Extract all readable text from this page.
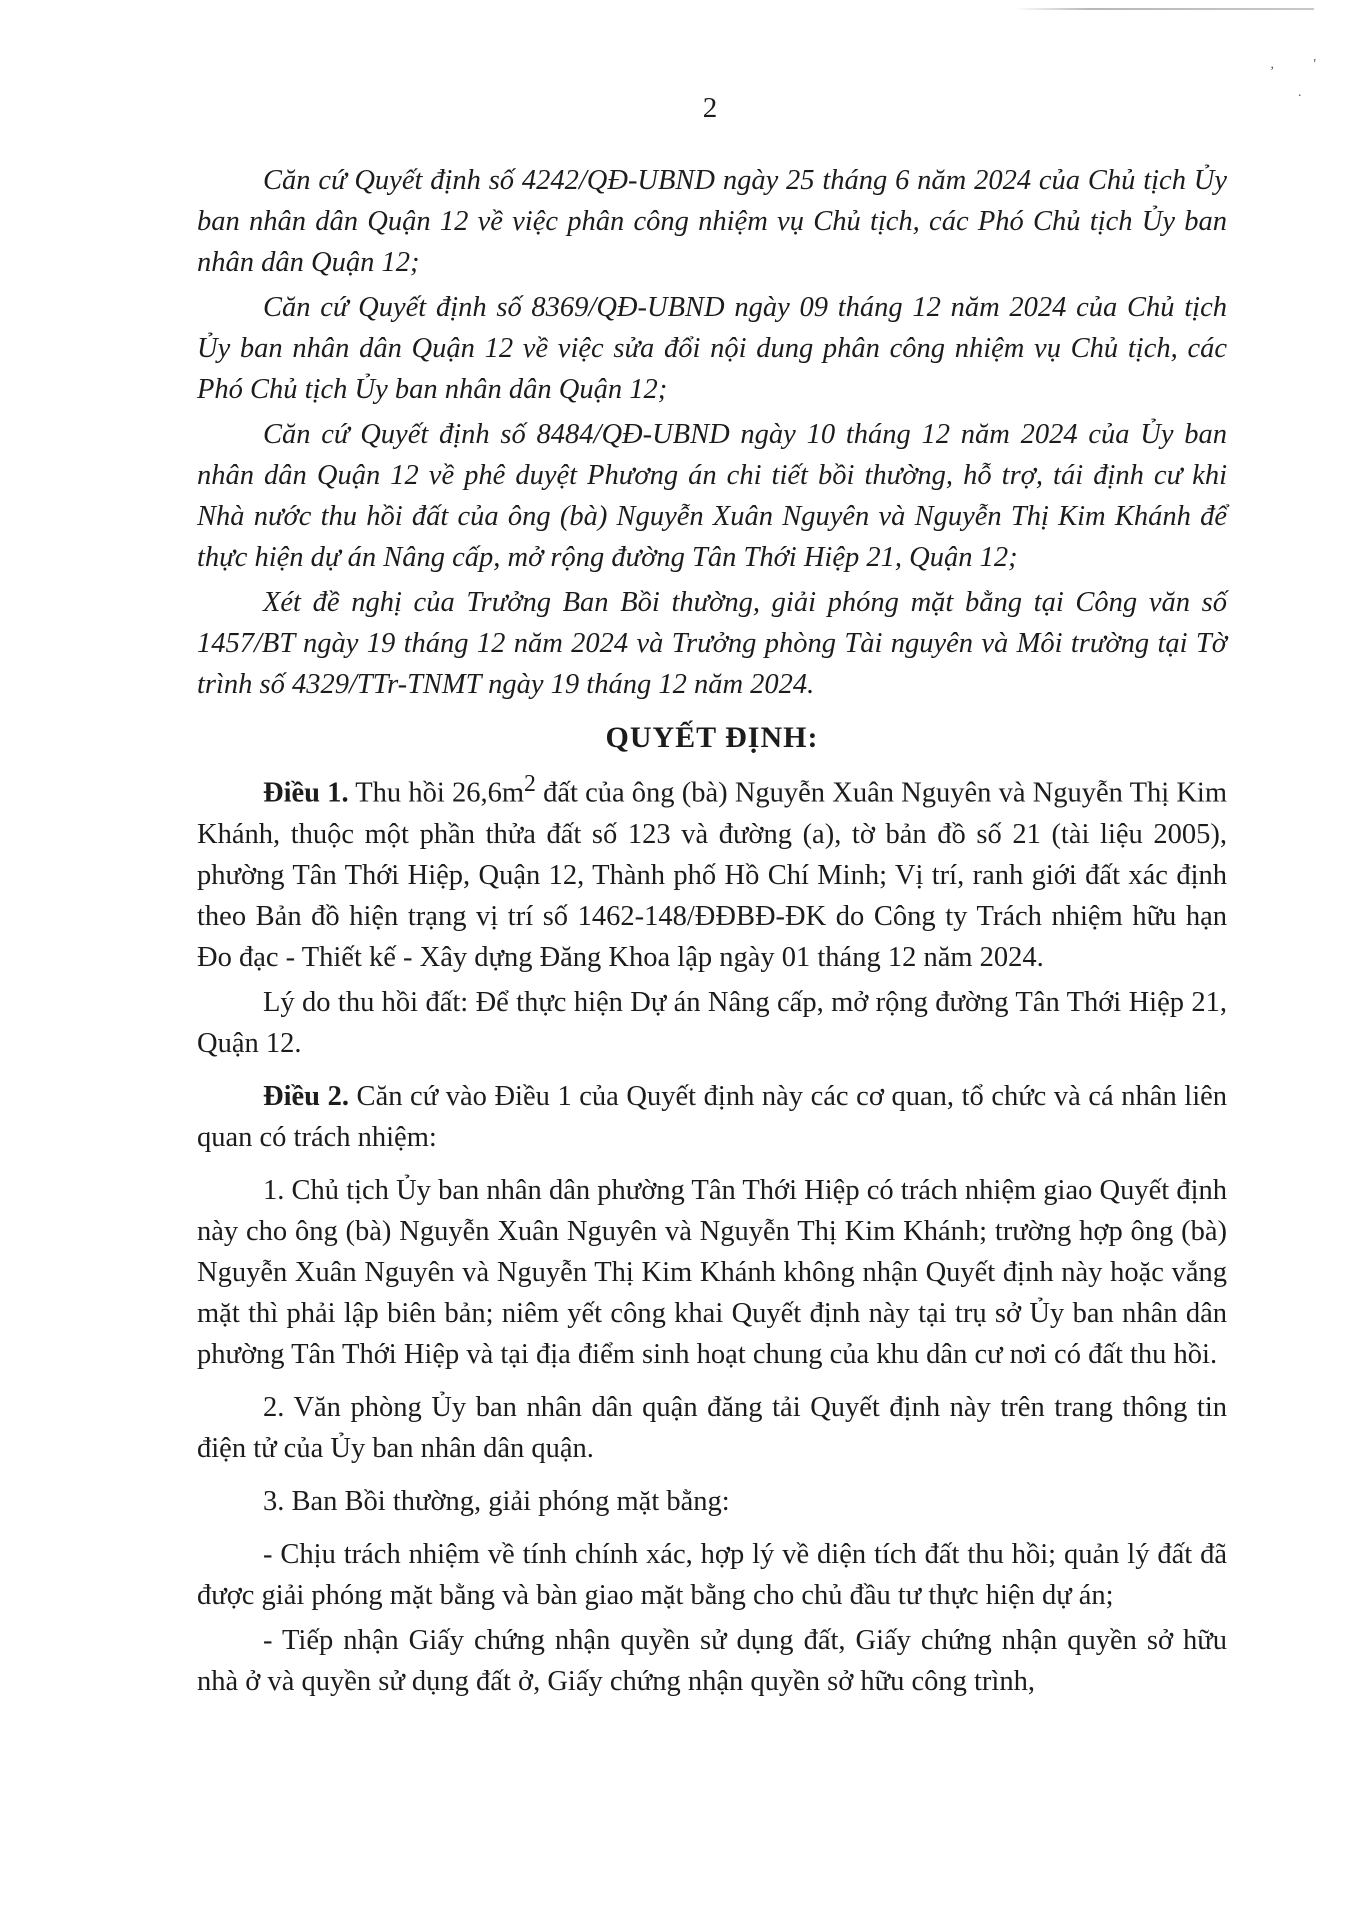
,	'
·
2

Căn cứ Quyết định số 4242/QĐ-UBND ngày 25 tháng 6 năm 2024 của Chủ tịch Ủy ban nhân dân Quận 12 về việc phân công nhiệm vụ Chủ tịch, các Phó Chủ tịch Ủy ban nhân dân Quận 12;

Căn cứ Quyết định số 8369/QĐ-UBND ngày 09 tháng 12 năm 2024 của Chủ tịch Ủy ban nhân dân Quận 12 về việc sửa đổi nội dung phân công nhiệm vụ Chủ tịch, các Phó Chủ tịch Ủy ban nhân dân Quận 12;

Căn cứ Quyết định số 8484/QĐ-UBND ngày 10 tháng 12 năm 2024 của Ủy ban nhân dân Quận 12 về phê duyệt Phương án chi tiết bồi thường, hỗ trợ, tái định cư khi Nhà nước thu hồi đất của ông (bà) Nguyễn Xuân Nguyên và Nguyễn Thị Kim Khánh để thực hiện dự án Nâng cấp, mở rộng đường Tân Thới Hiệp 21, Quận 12;

Xét đề nghị của Trưởng Ban Bồi thường, giải phóng mặt bằng tại Công văn số 1457/BT ngày 19 tháng 12 năm 2024 và Trưởng phòng Tài nguyên và Môi trường tại Tờ trình số 4329/TTr-TNMT ngày 19 tháng 12 năm 2024.

QUYẾT ĐỊNH:

Điều 1. Thu hồi $26,6m^2$ đất của ông (bà) Nguyễn Xuân Nguyên và Nguyễn Thị Kim Khánh, thuộc một phần thửa đất số 123 và đường (a), tờ bản đồ số 21 (tài liệu 2005), phường Tân Thới Hiệp, Quận 12, Thành phố Hồ Chí Minh; Vị trí, ranh giới đất xác định theo Bản đồ hiện trạng vị trí số 1462-148/ĐĐBĐ-ĐK do Công ty Trách nhiệm hữu hạn Đo đạc - Thiết kế - Xây dựng Đăng Khoa lập ngày 01 tháng 12 năm 2024.

Lý do thu hồi đất: Để thực hiện Dự án Nâng cấp, mở rộng đường Tân Thới Hiệp 21, Quận 12.

Điều 2. Căn cứ vào Điều 1 của Quyết định này các cơ quan, tổ chức và cá nhân liên quan có trách nhiệm:

1. Chủ tịch Ủy ban nhân dân phường Tân Thới Hiệp có trách nhiệm giao Quyết định này cho ông (bà) Nguyễn Xuân Nguyên và Nguyễn Thị Kim Khánh; trường hợp ông (bà) Nguyễn Xuân Nguyên và Nguyễn Thị Kim Khánh không nhận Quyết định này hoặc vắng mặt thì phải lập biên bản; niêm yết công khai Quyết định này tại trụ sở Ủy ban nhân dân phường Tân Thới Hiệp và tại địa điểm sinh hoạt chung của khu dân cư nơi có đất thu hồi.

2. Văn phòng Ủy ban nhân dân quận đăng tải Quyết định này trên trang thông tin điện tử của Ủy ban nhân dân quận.

3. Ban Bồi thường, giải phóng mặt bằng:

- Chịu trách nhiệm về tính chính xác, hợp lý về diện tích đất thu hồi; quản lý đất đã được giải phóng mặt bằng và bàn giao mặt bằng cho chủ đầu tư thực hiện dự án;

- Tiếp nhận Giấy chứng nhận quyền sử dụng đất, Giấy chứng nhận quyền sở hữu nhà ở và quyền sử dụng đất ở, Giấy chứng nhận quyền sở hữu công trình,
